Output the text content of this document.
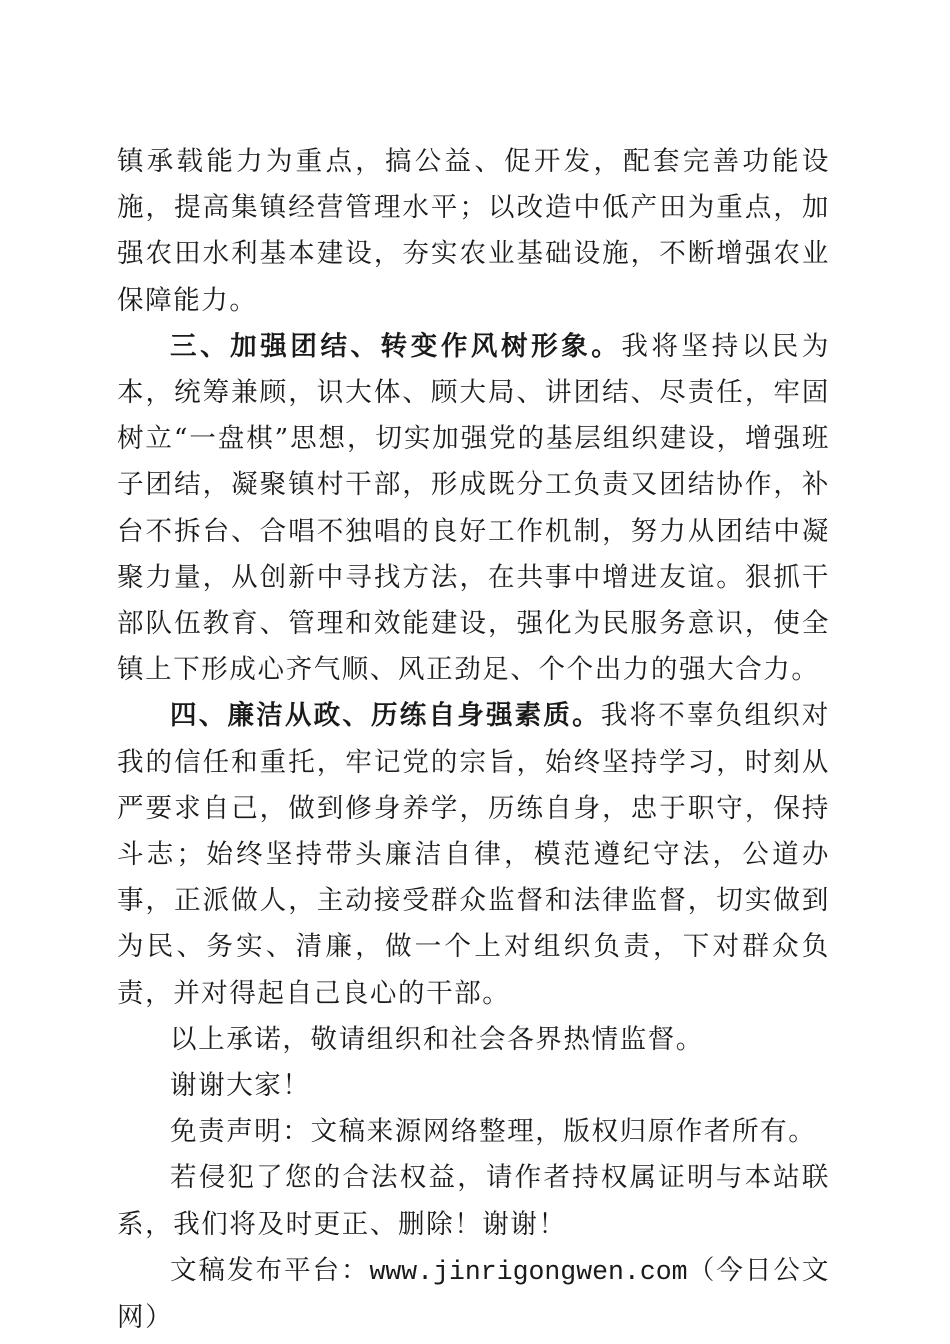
镇承载能力为重点，搞公益、促开发，配套完善功能设施，提高集镇经营管理水平；以改造中低产田为重点，加强农田水利基本建设，夯实农业基础设施，不断增强农业保障能力。

三、加强团结、转变作风树形象。我将坚持以民为本，统筹兼顾，识大体、顾大局、讲团结、尽责任，牢固树立“一盘棋”思想，切实加强党的基层组织建设，增强班子团结，凝聚镇村干部，形成既分工负责又团结协作，补台不拆台、合唱不独唱的良好工作机制，努力从团结中凝聚力量，从创新中寻找方法，在共事中增进友谊。狠抓干部队伍教育、管理和效能建设，强化为民服务意识，使全镇上下形成心齐气顺、风正劲足、个个出力的强大合力。

四、廉洁从政、历练自身强素质。我将不辜负组织对我的信任和重托，牢记党的宗旨，始终坚持学习，时刻从严要求自己，做到修身养学，历练自身，忠于职守，保持斗志；始终坚持带头廉洁自律，模范遵纪守法，公道办事，正派做人，主动接受群众监督和法律监督，切实做到为民、务实、清廉，做一个上对组织负责，下对群众负责，并对得起自己良心的干部。

以上承诺，敬请组织和社会各界热情监督。

谢谢大家！

免责声明：文稿来源网络整理，版权归原作者所有。

若侵犯了您的合法权益，请作者持权属证明与本站联系，我们将及时更正、删除！谢谢！

文稿发布平台：www.jinrigongwen.com（今日公文网）
